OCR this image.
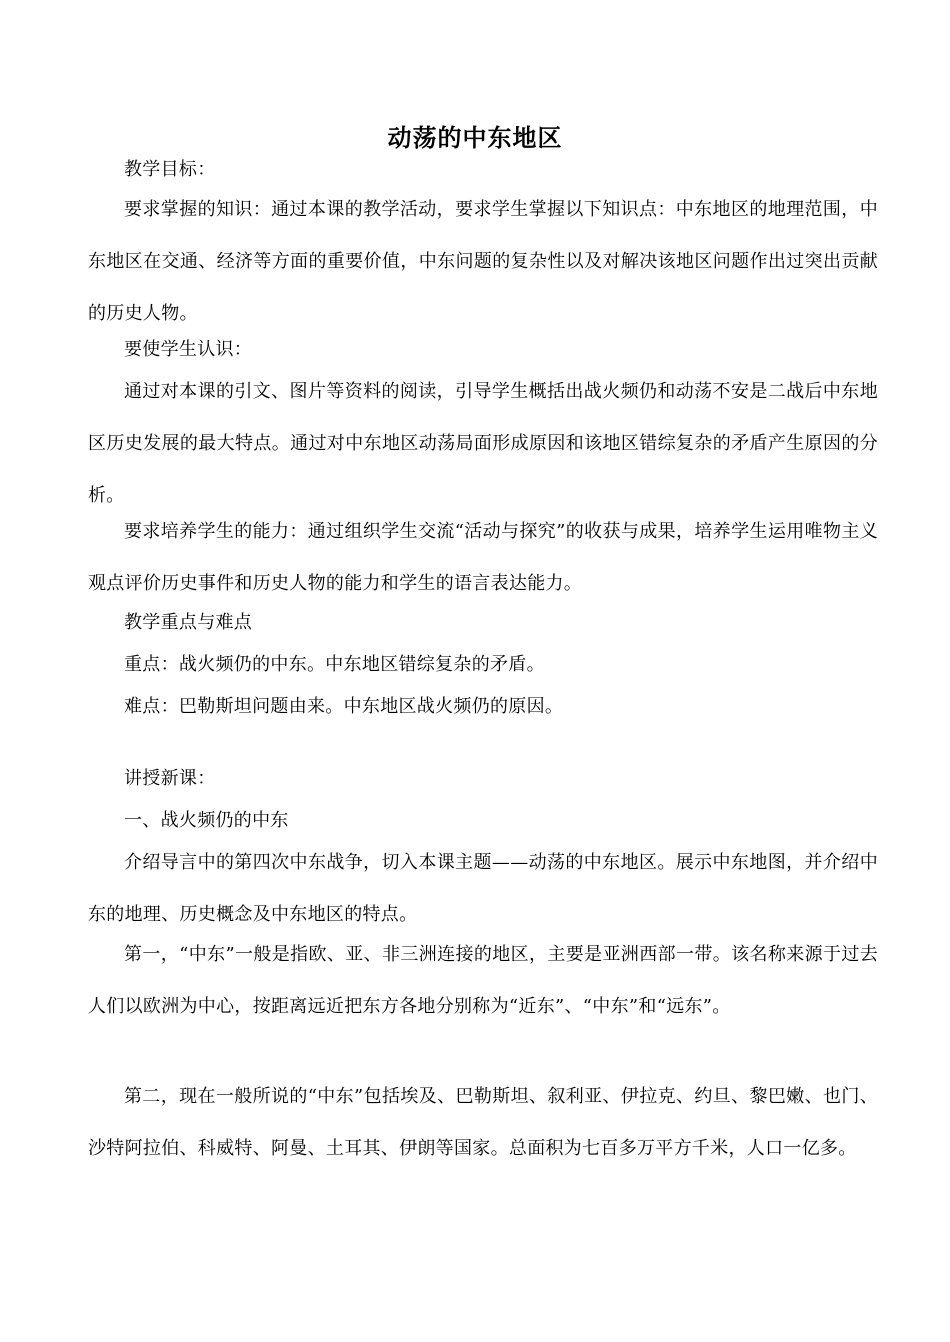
动荡的中东地区

教学目标：

要求掌握的知识：通过本课的教学活动，要求学生掌握以下知识点：中东地区的地理范围，中东地区在交通、经济等方面的重要价值，中东问题的复杂性以及对解决该地区问题作出过突出贡献的历史人物。

要使学生认识：

通过对本课的引文、图片等资料的阅读，引导学生概括出战火频仍和动荡不安是二战后中东地区历史发展的最大特点。通过对中东地区动荡局面形成原因和该地区错综复杂的矛盾产生原因的分析。

要求培养学生的能力：通过组织学生交流“活动与探究”的收获与成果，培养学生运用唯物主义观点评价历史事件和历史人物的能力和学生的语言表达能力。

教学重点与难点

重点：战火频仍的中东。中东地区错综复杂的矛盾。

难点：巴勒斯坦问题由来。中东地区战火频仍的原因。

讲授新课：

一、战火频仍的中东

介绍导言中的第四次中东战争，切入本课主题——动荡的中东地区。展示中东地图，并介绍中东的地理、历史概念及中东地区的特点。

第一，“中东”一般是指欧、亚、非三洲连接的地区，主要是亚洲西部一带。该名称来源于过去人们以欧洲为中心，按距离远近把东方各地分别称为“近东”、“中东”和“远东”。

第二，现在一般所说的“中东”包括埃及、巴勒斯坦、叙利亚、伊拉克、约旦、黎巴嫩、也门、沙特阿拉伯、科威特、阿曼、土耳其、伊朗等国家。总面积为七百多万平方千米，人口一亿多。
